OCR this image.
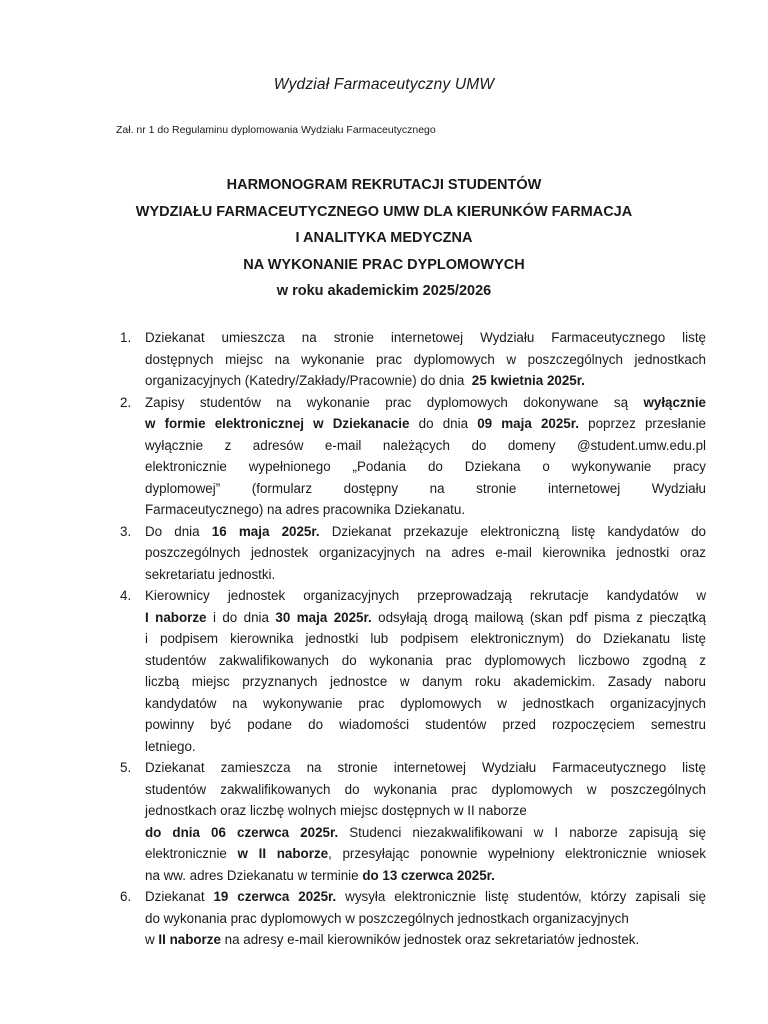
Wydział Farmaceutyczny UMW
Zał. nr 1 do Regulaminu dyplomowania Wydziału Farmaceutycznego
HARMONOGRAM REKRUTACJI STUDENTÓW
WYDZIAŁU FARMACEUTYCZNEGO UMW DLA KIERUNKÓW FARMACJA
I ANALITYKA MEDYCZNA
NA WYKONANIE PRAC DYPLOMOWYCH
w roku akademickim 2025/2026
1. Dziekanat umieszcza na stronie internetowej Wydziału Farmaceutycznego listę
dostępnych miejsc na wykonanie prac dyplomowych w poszczególnych jednostkach
organizacyjnych (Katedry/Zakłady/Pracownie) do dnia 25 kwietnia 2025r.
2. Zapisy studentów na wykonanie prac dyplomowych dokonywane są wyłącznie
w formie elektronicznej w Dziekanacie do dnia 09 maja 2025r. poprzez przesłanie
wyłącznie z adresów e-mail należących do domeny @student.umw.edu.pl
elektronicznie wypełnionego „Podania do Dziekana o wykonywanie pracy
dyplomowej” (formularz dostępny na stronie internetowej Wydziału
Farmaceutycznego) na adres pracownika Dziekanatu.
3. Do dnia 16 maja 2025r. Dziekanat przekazuje elektroniczną listę kandydatów do
poszczególnych jednostek organizacyjnych na adres e-mail kierownika jednostki oraz
sekretariatu jednostki.
4. Kierownicy jednostek organizacyjnych przeprowadzają rekrutacje kandydatów w
I naborze i do dnia 30 maja 2025r. odsyłają drogą mailową (skan pdf pisma z pieczątką
i podpisem kierownika jednostki lub podpisem elektronicznym) do Dziekanatu listę
studentów zakwalifikowanych do wykonania prac dyplomowych liczbowo zgodną z
liczbą miejsc przyznanych jednostce w danym roku akademickim. Zasady naboru
kandydatów na wykonywanie prac dyplomowych w jednostkach organizacyjnych
powinny być podane do wiadomości studentów przed rozpoczęciem semestru
letniego.
5. Dziekanat zamieszcza na stronie internetowej Wydziału Farmaceutycznego listę
studentów zakwalifikowanych do wykonania prac dyplomowych w poszczególnych
jednostkach oraz liczbę wolnych miejsc dostępnych w II naborze
do dnia 06 czerwca 2025r. Studenci niezakwalifikowani w I naborze zapisują się
elektronicznie w II naborze, przesyłając ponownie wypełniony elektronicznie wniosek
na ww. adres Dziekanatu w terminie do 13 czerwca 2025r.
6. Dziekanat 19 czerwca 2025r. wysyła elektronicznie listę studentów, którzy zapisali się
do wykonania prac dyplomowych w poszczególnych jednostkach organizacyjnych
w II naborze na adresy e-mail kierowników jednostek oraz sekretariatów jednostek.
